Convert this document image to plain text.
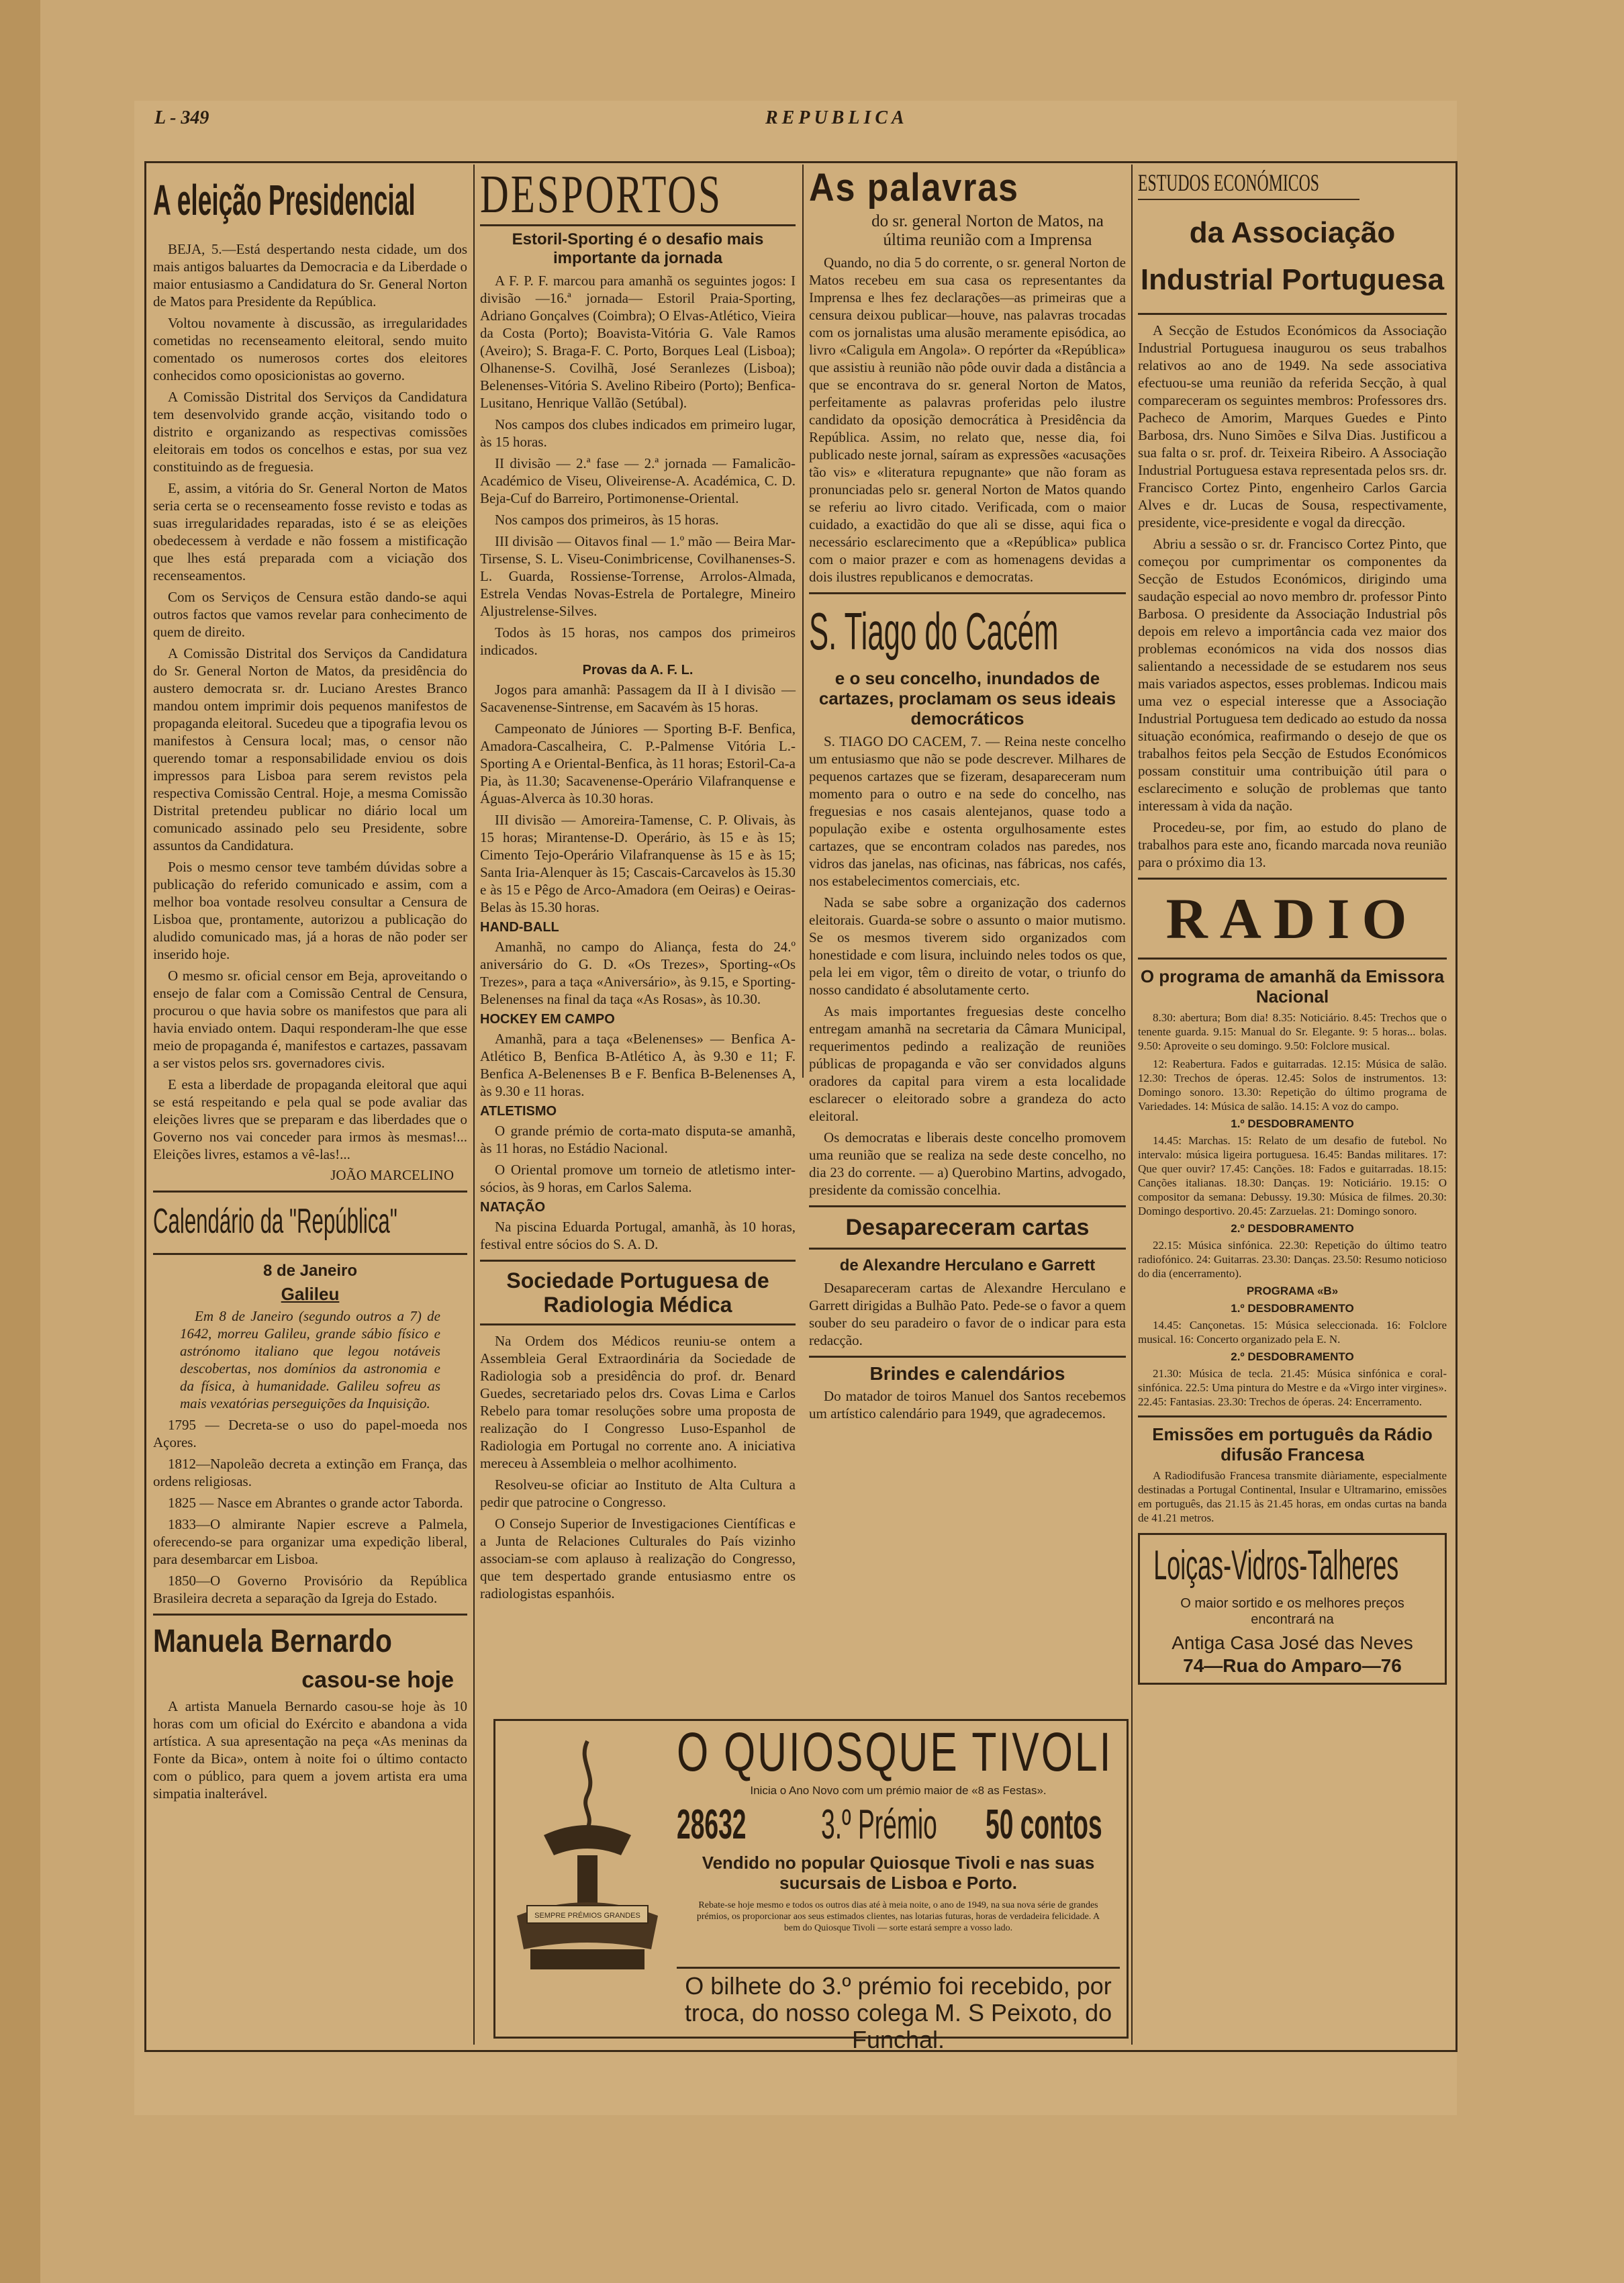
L - 349	REPUBLICA
A eleição Presidencial

BEJA, 5.—Está despertando nesta cidade, um dos mais antigos baluartes da Democracia e da Liberdade o maior entusiasmo a Candidatura do Sr. General Norton de Matos para Presidente da República.

Voltou novamente à discussão, as irregularidades cometidas no recenseamento eleitoral, sendo muito comentado os numerosos cortes dos eleitores conhecidos como oposicionistas ao governo.

A Comissão Distrital dos Serviços da Candidatura tem desenvolvido grande acção, visitando todo o distrito e organizando as respectivas comissões eleitorais em todos os concelhos e estas, por sua vez constituindo as de freguesia.

E, assim, a vitória do Sr. General Norton de Matos seria certa se o recenseamento fosse revisto e todas as suas irregularidades reparadas, isto é se as eleições obedecessem à verdade e não fossem a mistificação que lhes está preparada com a viciação dos recenseamentos.

Com os Serviços de Censura estão dando-se aqui outros factos que vamos revelar para conhecimento de quem de direito.

A Comissão Distrital dos Serviços da Candidatura do Sr. General Norton de Matos, da presidência do austero democrata sr. dr. Luciano Arestes Branco mandou ontem imprimir dois pequenos manifestos de propaganda eleitoral. Sucedeu que a tipografia levou os manifestos à Censura local; mas, o censor não querendo tomar a responsabilidade enviou os dois impressos para Lisboa para serem revistos pela respectiva Comissão Central. Hoje, a mesma Comissão Distrital pretendeu publicar no diário local um comunicado assinado pelo seu Presidente, sobre assuntos da Candidatura.

Pois o mesmo censor teve também dúvidas sobre a publicação do referido comunicado e assim, com a melhor boa vontade resolveu consultar a Censura de Lisboa que, prontamente, autorizou a publicação do aludido comunicado mas, já a horas de não poder ser inserido hoje.

O mesmo sr. oficial censor em Beja, aproveitando o ensejo de falar com a Comissão Central de Censura, procurou o que havia sobre os manifestos que para ali havia enviado ontem. Daqui responderam-lhe que esse meio de propaganda é, manifestos e cartazes, passavam a ser vistos pelos srs. governadores civis.

E esta a liberdade de propaganda eleitoral que aqui se está respeitando e pela qual se pode avaliar das eleições livres que se preparam e das liberdades que o Governo nos vai conceder para irmos às mesmas!... Eleições livres, estamos a vê-las!...

JOÃO MARCELINO
Calendário da "República"
8 de Janeiro
Galileu

Em 8 de Janeiro (segundo outros a 7) de 1642, morreu Galileu, grande sábio físico e astrónomo italiano que legou notáveis descobertas, nos domínios da astronomia e da física, à humanidade. Galileu sofreu as mais vexatórias perseguições da Inquisição.

1795 — Decreta-se o uso do papel-moeda nos Açores.

1812—Napoleão decreta a extinção em França, das ordens religiosas.

1825 — Nasce em Abrantes o grande actor Taborda.

1833—O almirante Napier escreve a Palmela, oferecendo-se para organizar uma expedição liberal, para desembarcar em Lisboa.

1850—O Governo Provisório da República Brasileira decreta a separação da Igreja do Estado.

Manuela Bernardo
casou-se hoje

A artista Manuela Bernardo casou-se hoje às 10 horas com um oficial do Exército e abandona a vida artística. A sua apresentação na peça «As meninas da Fonte da Bica», ontem à noite foi o último contacto com o público, para quem a jovem artista era uma simpatia inalterável.

DESPORTOS
Estoril-Sporting é o desafio mais importante da jornada

A F. P. F. marcou para amanhã os seguintes jogos: I divisão —16.ª jornada— Estoril Praia-Sporting, Adriano Gonçalves (Coimbra); O Elvas-Atlético, Vieira da Costa (Porto); Boavista-Vitória G. Vale Ramos (Aveiro); S. Braga-F. C. Porto, Borques Leal (Lisboa); Olhanense-S. Covilhã, José Seranlezes (Lisboa); Belenenses-Vitória S. Avelino Ribeiro (Porto); Benfica-Lusitano, Henrique Vallão (Setúbal).

Nos campos dos clubes indicados em primeiro lugar, às 15 horas.

II divisão — 2.ª fase — 2.ª jornada — Famalicão-Académico de Viseu, Oliveirense-A. Académica, C. D. Beja-Cuf do Barreiro, Portimonense-Oriental.

Nos campos dos primeiros, às 15 horas.

III divisão — Oitavos final — 1.º mão — Beira Mar-Tirsense, S. L. Viseu-Conimbricense, Covilhanenses-S. L. Guarda, Rossiense-Torrense, Arrolos-Almada, Estrela Vendas Novas-Estrela de Portalegre, Mineiro Aljustrelense-Silves.

Todos às 15 horas, nos campos dos primeiros indicados.

Provas da A. F. L.

Jogos para amanhã: Passagem da II à I divisão — Sacavenense-Sintrense, em Sacavém às 15 horas.

Campeonato de Júniores — Sporting B-F. Benfica, Amadora-Cascalheira, C. P.-Palmense Vitória L.-Sporting A e Oriental-Benfica, às 11 horas; Estoril-Ca-a Pia, às 11.30; Sacavenense-Operário Vilafranquense e Águas-Alverca às 10.30 horas.

III divisão — Amoreira-Tamense, C. P. Olivais, às 15 horas; Mirantense-D. Operário, às 15 e às 15; Cimento Tejo-Operário Vilafranquense às 15 e às 15; Santa Iria-Alenquer às 15; Cascais-Carcavelos às 15.30 e às 15 e Pêgo de Arco-Amadora (em Oeiras) e Oeiras-Belas às 15.30 horas.

HAND-BALL

Amanhã, no campo do Aliança, festa do 24.º aniversário do G. D. «Os Trezes», Sporting-«Os Trezes», para a taça «Aniversário», às 9.15, e Sporting-Belenenses na final da taça «As Rosas», às 10.30.

HOCKEY EM CAMPO

Amanhã, para a taça «Belenenses» — Benfica A-Atlético B, Benfica B-Atlético A, às 9.30 e 11; F. Benfica A-Belenenses B e F. Benfica B-Belenenses A, às 9.30 e 11 horas.

ATLETISMO

O grande prémio de corta-mato disputa-se amanhã, às 11 horas, no Estádio Nacional.

O Oriental promove um torneio de atletismo inter-sócios, às 9 horas, em Carlos Salema.

NATAÇÃO

Na piscina Eduarda Portugal, amanhã, às 10 horas, festival entre sócios do S. A. D.

Sociedade Portuguesa de Radiologia Médica

Na Ordem dos Médicos reuniu-se ontem a Assembleia Geral Extraordinária da Sociedade de Radiologia sob a presidência do prof. dr. Benard Guedes, secretariado pelos drs. Covas Lima e Carlos Rebelo para tomar resoluções sobre uma proposta de realização do I Congresso Luso-Espanhol de Radiologia em Portugal no corrente ano. A iniciativa mereceu à Assembleia o melhor acolhimento.

Resolveu-se oficiar ao Instituto de Alta Cultura a pedir que patrocine o Congresso.

O Consejo Superior de Investigaciones Científicas e a Junta de Relaciones Culturales do País vizinho associam-se com aplauso à realização do Congresso, que tem despertado grande entusiasmo entre os radiologistas espanhóis.

As palavras
do sr. general Norton de Matos, na última reunião com a Imprensa

Quando, no dia 5 do corrente, o sr. general Norton de Matos recebeu em sua casa os representantes da Imprensa e lhes fez declarações—as primeiras que a censura deixou publicar—houve, nas palavras trocadas com os jornalistas uma alusão meramente episódica, ao livro «Caligula em Angola». O repórter da «República» que assistiu à reunião não pôde ouvir dada a distância a que se encontrava do sr. general Norton de Matos, perfeitamente as palavras proferidas pelo ilustre candidato da oposição democrática à Presidência da República. Assim, no relato que, nesse dia, foi publicado neste jornal, saíram as expressões «acusações tão vis» e «literatura repugnante» que não foram as pronunciadas pelo sr. general Norton de Matos quando se referiu ao livro citado. Verificada, com o maior cuidado, a exactidão do que ali se disse, aqui fica o necessário esclarecimento que a «República» publica com o maior prazer e com as homenagens devidas a dois ilustres republicanos e democratas.

S. Tiago do Cacém
e o seu concelho, inundados de cartazes, proclamam os seus ideais democráticos

S. TIAGO DO CACEM, 7. — Reina neste concelho um entusiasmo que não se pode descrever. Milhares de pequenos cartazes que se fizeram, desapareceram num momento para o outro e na sede do concelho, nas freguesias e nos casais alentejanos, quase todo a população exibe e ostenta orgulhosamente estes cartazes, que se encontram colados nas paredes, nos vidros das janelas, nas oficinas, nas fábricas, nos cafés, nos estabelecimentos comerciais, etc.

Nada se sabe sobre a organização dos cadernos eleitorais. Guarda-se sobre o assunto o maior mutismo. Se os mesmos tiverem sido organizados com honestidade e com lisura, incluindo neles todos os que, pela lei em vigor, têm o direito de votar, o triunfo do nosso candidato é absolutamente certo.

As mais importantes freguesias deste concelho entregam amanhã na secretaria da Câmara Municipal, requerimentos pedindo a realização de reuniões públicas de propaganda e vão ser convidados alguns oradores da capital para virem a esta localidade esclarecer o eleitorado sobre a grandeza do acto eleitoral.

Os democratas e liberais deste concelho promovem uma reunião que se realiza na sede deste concelho, no dia 23 do corrente. — a) Querobino Martins, advogado, presidente da comissão concelhia.

Desapareceram cartas
de Alexandre Herculano e Garrett

Desapareceram cartas de Alexandre Herculano e Garrett dirigidas a Bulhão Pato. Pede-se o favor a quem souber do seu paradeiro o favor de o indicar para esta redacção.

Brindes e calendários

Do matador de toiros Manuel dos Santos recebemos um artístico calendário para 1949, que agradecemos.

ESTUDOS ECONÓMICOS
da Associação Industrial Portuguesa

A Secção de Estudos Económicos da Associação Industrial Portuguesa inaugurou os seus trabalhos relativos ao ano de 1949. Na sede associativa efectuou-se uma reunião da referida Secção, à qual compareceram os seguintes membros: Professores drs. Pacheco de Amorim, Marques Guedes e Pinto Barbosa, drs. Nuno Simões e Silva Dias. Justificou a sua falta o sr. prof. dr. Teixeira Ribeiro. A Associação Industrial Portuguesa estava representada pelos srs. dr. Francisco Cortez Pinto, engenheiro Carlos Garcia Alves e dr. Lucas de Sousa, respectivamente, presidente, vice-presidente e vogal da direcção.

Abriu a sessão o sr. dr. Francisco Cortez Pinto, que começou por cumprimentar os componentes da Secção de Estudos Económicos, dirigindo uma saudação especial ao novo membro dr. professor Pinto Barbosa. O presidente da Associação Industrial pôs depois em relevo a importância cada vez maior dos problemas económicos na vida dos nossos dias salientando a necessidade de se estudarem nos seus mais variados aspectos, esses problemas. Indicou mais uma vez o especial interesse que a Associação Industrial Portuguesa tem dedicado ao estudo da nossa situação económica, reafirmando o desejo de que os trabalhos feitos pela Secção de Estudos Económicos possam constituir uma contribuição útil para o esclarecimento e solução de problemas que tanto interessam à vida da nação.

Procedeu-se, por fim, ao estudo do plano de trabalhos para este ano, ficando marcada nova reunião para o próximo dia 13.

RADIO
O programa de amanhã da Emissora Nacional

8.30: abertura; Bom dia! 8.35: Noticiário. 8.45: Trechos que o tenente guarda. 9.15: Manual do Sr. Elegante. 9: 5 horas... bolas. 9.50: Aproveite o seu domingo. 9.50: Folclore musical.

12: Reabertura. Fados e guitarradas. 12.15: Música de salão. 12.30: Trechos de óperas. 12.45: Solos de instrumentos. 13: Domingo sonoro. 13.30: Repetição do último programa de Variedades. 14: Música de salão. 14.15: A voz do campo.

1.º DESDOBRAMENTO

14.45: Marchas. 15: Relato de um desafio de futebol. No intervalo: música ligeira portuguesa. 16.45: Bandas militares. 17: Que quer ouvir? 17.45: Canções. 18: Fados e guitarradas. 18.15: Canções italianas. 18.30: Danças. 19: Noticiário. 19.15: O compositor da semana: Debussy. 19.30: Música de filmes. 20.30: Domingo desportivo. 20.45: Zarzuelas. 21: Domingo sonoro.

2.º DESDOBRAMENTO

22.15: Música sinfónica. 22.30: Repetição do último teatro radiofónico. 24: Guitarras. 23.30: Danças. 23.50: Resumo noticioso do dia (encerramento).

PROGRAMA «B»
1.º DESDOBRAMENTO

14.45: Cançonetas. 15: Música seleccionada. 16: Folclore musical. 16: Concerto organizado pela E. N.

2.º DESDOBRAMENTO

21.30: Música de tecla. 21.45: Música sinfónica e coral-sinfónica. 22.5: Uma pintura do Mestre e da «Virgo inter virgines». 22.45: Fantasias. 23.30: Trechos de óperas. 24: Encerramento.

Emissões em português da Rádio difusão Francesa

A Radiodifusão Francesa transmite diàriamente, especialmente destinadas a Portugal Continental, Insular e Ultramarino, emissões em português, das 21.15 às 21.45 horas, em ondas curtas na banda de 41.21 metros.

Loiças-Vidros-Talheres
O maior sortido e os melhores preços encontrará na
Antiga Casa José das Neves
74—Rua do Amparo—76
SEMPRE PRÉMIOS GRANDES
O QUIOSQUE TIVOLI
Inicia o Ano Novo com um prémio maior de «8 as Festas».
28632 3.º Prémio 50 contos
Vendido no popular Quiosque Tivoli e nas suas sucursais de Lisboa e Porto.
Rebate-se hoje mesmo e todos os outros dias até à meia noite, o ano de 1949, na sua nova série de grandes prémios, os proporcionar aos seus estimados clientes, nas lotarias futuras, horas de verdadeira felicidade. A bem do Quiosque Tivoli — sorte estará sempre a vosso lado.
O bilhete do 3.º prémio foi recebido, por troca, do nosso colega M. S Peixoto, do Funchal.
